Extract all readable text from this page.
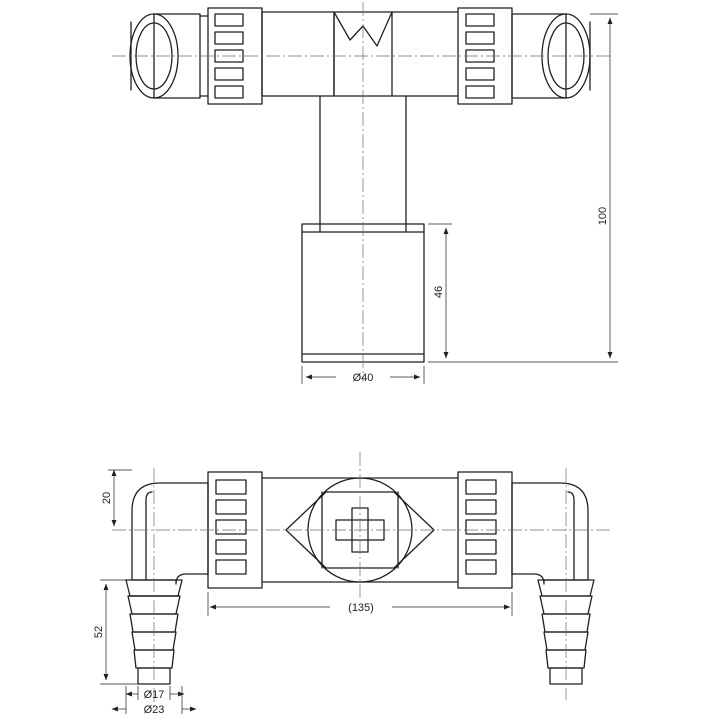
100
46
Ø40
20
52
(135)
Ø17
Ø23
